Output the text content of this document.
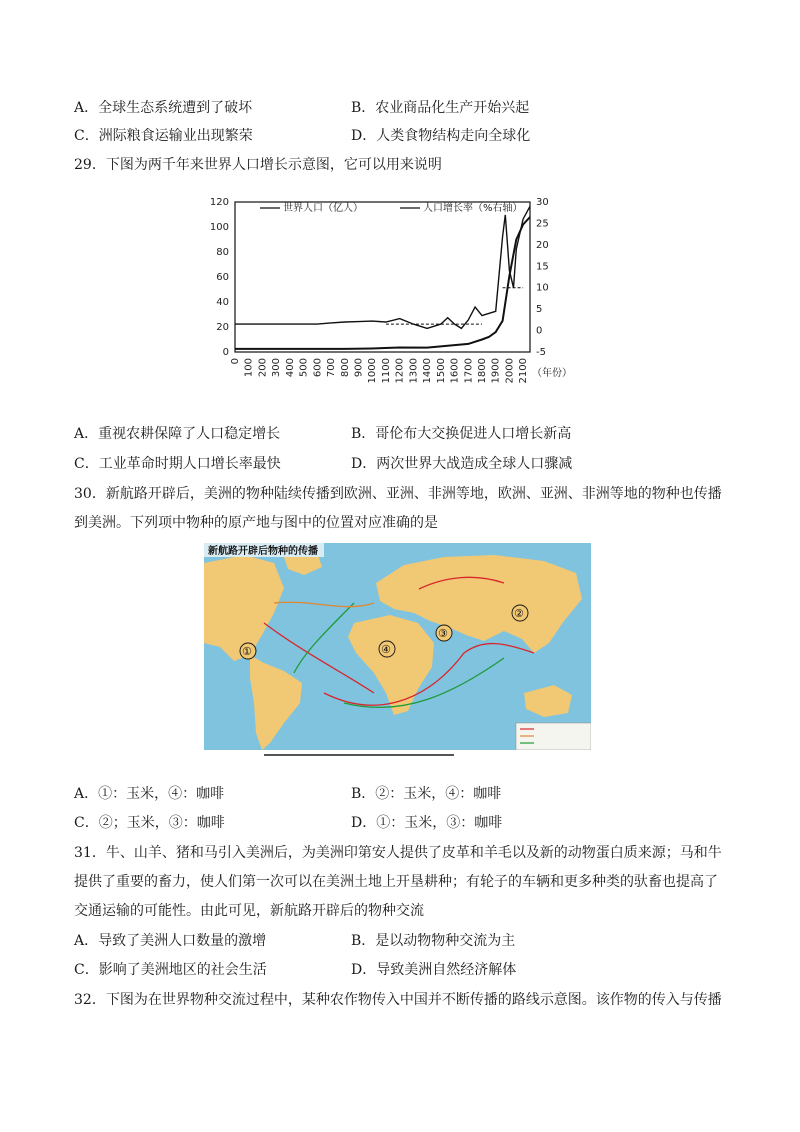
A．全球生态系统遭到了破坏	B．农业商品化生产开始兴起
C．洲际粮食运输业出现繁荣	D．人类食物结构走向全球化
29．下图为两千年来世界人口增长示意图，它可以用来说明
120
100
80
60
40
20
0
30
25
20
15
10
5
0
-5
0 100 200 300 400 500 600 700 800 900 1000 1100 1200 1300 1400 1500 1600 1700 1800 1900 2000 2100 （年份）
世界人口（亿人）	人口增长率（%右轴）
A．重视农耕保障了人口稳定增长	B．哥伦布大交换促进人口增长新高
C．工业革命时期人口增长率最快	D．两次世界大战造成全球人口骤减
30．新航路开辟后，美洲的物种陆续传播到欧洲、亚洲、非洲等地，欧洲、亚洲、非洲等地的物种也传播
到美洲。下列项中物种的原产地与图中的位置对应准确的是
新航路开辟后物种的传播
①
②
③
④
A．①：玉米，④：咖啡	B．②：玉米，④：咖啡
C．②；玉米，③：咖啡	D．①：玉米，③：咖啡
31．牛、山羊、猪和马引入美洲后，为美洲印第安人提供了皮革和羊毛以及新的动物蛋白质来源；马和牛
提供了重要的畜力，使人们第一次可以在美洲土地上开垦耕种；有轮子的车辆和更多种类的驮畜也提高了
交通运输的可能性。由此可见，新航路开辟后的物种交流
A．导致了美洲人口数量的激增	B．是以动物物种交流为主
C．影响了美洲地区的社会生活	D．导致美洲自然经济解体
32．下图为在世界物种交流过程中，某种农作物传入中国并不断传播的路线示意图。该作物的传入与传播
